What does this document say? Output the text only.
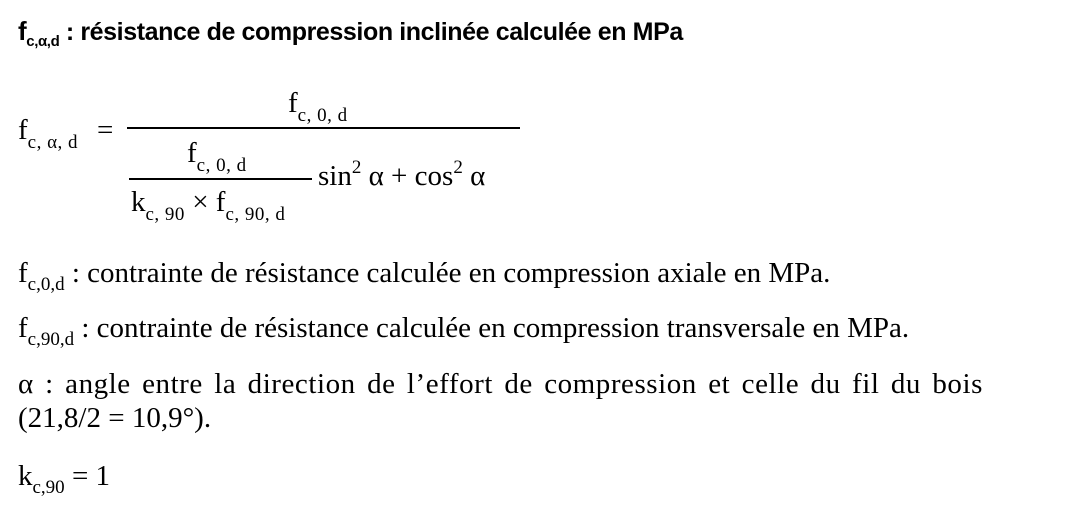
$f_{c,\alpha,d}$ : résistance de compression inclinée calculée en MPa
$f_{c, \alpha, d}$ =
$f_{c, 0, d}$
$f_{c, 0, d}$
$k_{c, 90} \times f_{c, 90, d}$
$\sin^2 \alpha + \cos^2 \alpha$
$f_{c,0,d}$ : contrainte de résistance calculée en compression axiale en MPa.
$f_{c,90,d}$ : contrainte de résistance calculée en compression transversale en MPa.
α : angle entre la direction de l’effort de compression et celle du fil du bois
(21,8/2 = 10,9°).
$k_{c,90} = 1$
